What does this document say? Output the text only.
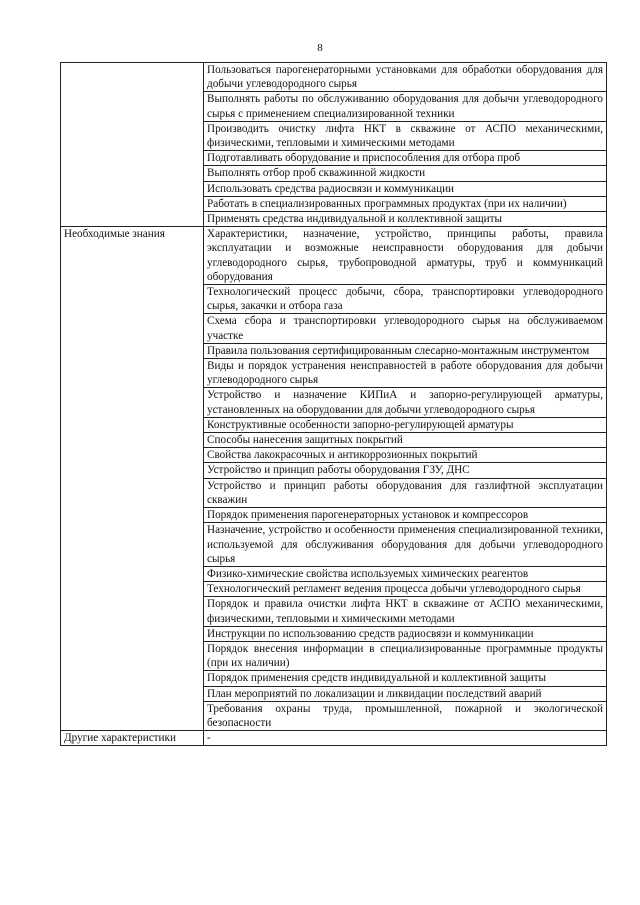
8
	Пользоваться парогенераторными установками для обработки оборудования для добычи углеводородного сырья
	Выполнять работы по обслуживанию оборудования для добычи углеводородного сырья с применением специализированной техники
	Производить очистку лифта НКТ в скважине от АСПО механическими, физическими, тепловыми и химическими методами
	Подготавливать оборудование и приспособления для отбора проб
	Выполнять отбор проб скважинной жидкости
	Использовать средства радиосвязи и коммуникации
	Работать в специализированных программных продуктах (при их наличии)
	Применять средства индивидуальной и коллективной защиты
Необходимые знания	Характеристики, назначение, устройство, принципы работы, правила эксплуатации и возможные неисправности оборудования для добычи углеводородного сырья, трубопроводной арматуры, труб и коммуникаций оборудования
	Технологический процесс добычи, сбора, транспортировки углеводородного сырья, закачки и отбора газа
	Схема сбора и транспортировки углеводородного сырья на обслуживаемом участке
	Правила пользования сертифицированным слесарно-монтажным инструментом
	Виды и порядок устранения неисправностей в работе оборудования для добычи углеводородного сырья
	Устройство и назначение КИПиА и запорно-регулирующей арматуры, установленных на оборудовании для добычи углеводородного сырья
	Конструктивные особенности запорно-регулирующей арматуры
	Способы нанесения защитных покрытий
	Свойства лакокрасочных и антикоррозионных покрытий
	Устройство и принцип работы оборудования ГЗУ, ДНС
	Устройство и принцип работы оборудования для газлифтной эксплуатации скважин
	Порядок применения парогенераторных установок и компрессоров
	Назначение, устройство и особенности применения специализированной техники, используемой для обслуживания оборудования для добычи углеводородного сырья
	Физико-химические свойства используемых химических реагентов
	Технологический регламент ведения процесса добычи углеводородного сырья
	Порядок и правила очистки лифта НКТ в скважине от АСПО механическими, физическими, тепловыми и химическими методами
	Инструкции по использованию средств радиосвязи и коммуникации
	Порядок внесения информации в специализированные программные продукты (при их наличии)
	Порядок применения средств индивидуальной и коллективной защиты
	План мероприятий по локализации и ликвидации последствий аварий
	Требования охраны труда, промышленной, пожарной и экологической безопасности
Другие характеристики	-
